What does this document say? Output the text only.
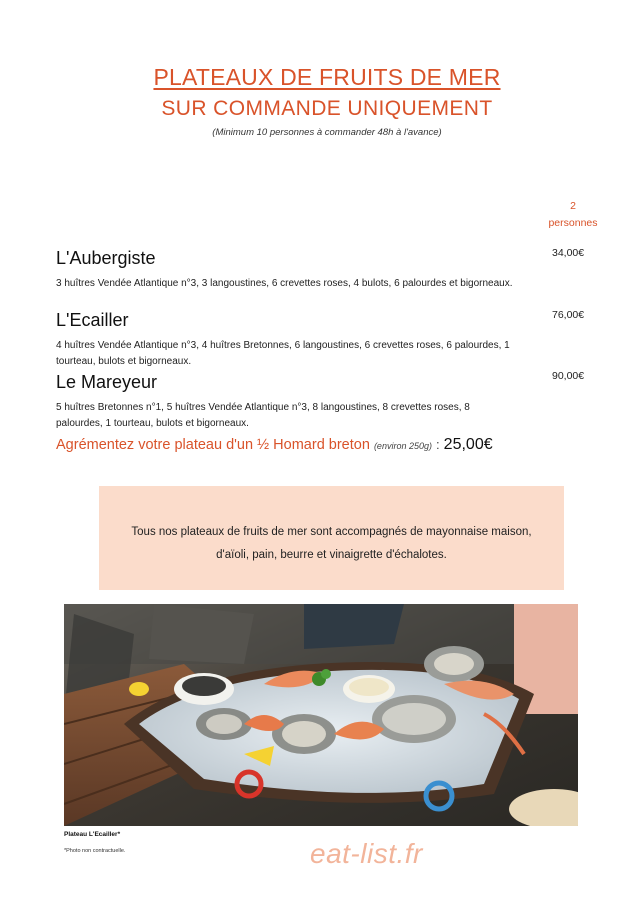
PLATEAUX DE FRUITS DE MER
SUR COMMANDE UNIQUEMENT
(Minimum 10 personnes à commander 48h à l'avance)
2
personnes
L'Aubergiste
3 huîtres Vendée Atlantique n°3, 3 langoustines, 6 crevettes roses, 4 bulots, 6 palourdes et bigorneaux.
34,00€
L'Ecailler
4 huîtres Vendée Atlantique n°3, 4 huîtres Bretonnes, 6 langoustines, 6 crevettes roses, 6 palourdes, 1 tourteau, bulots et bigorneaux.
76,00€
Le Mareyeur
5 huîtres Bretonnes n°1, 5 huîtres Vendée Atlantique n°3, 8 langoustines, 8 crevettes roses, 8 palourdes, 1 tourteau, bulots et bigorneaux.
90,00€
Agrémentez votre plateau d'un ½ Homard breton (environ 250g) : 25,00€
Tous nos plateaux de fruits de mer sont accompagnés de mayonnaise maison,
d'aïoli, pain, beurre et vinaigrette d'échalotes.
Plateau L'Ecailler*
*Photo non contractuelle.	eat-list.fr
